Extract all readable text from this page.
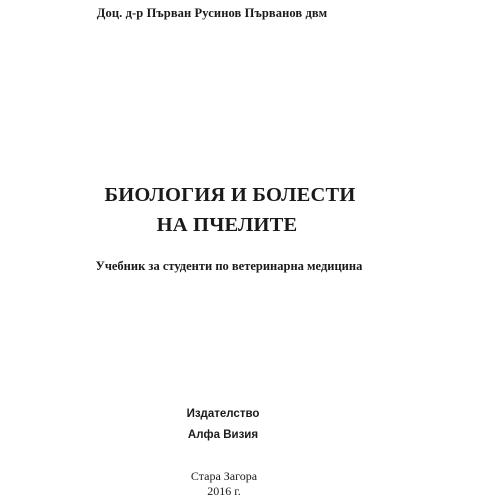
Доц. д-р Първан Русинов Първанов двм
БИОЛОГИЯ И БОЛЕСТИ
НА ПЧЕЛИТЕ
Учебник за студенти по ветеринарна медицина
Издателство
Алфа Визия
Стара Загора
2016 г.
